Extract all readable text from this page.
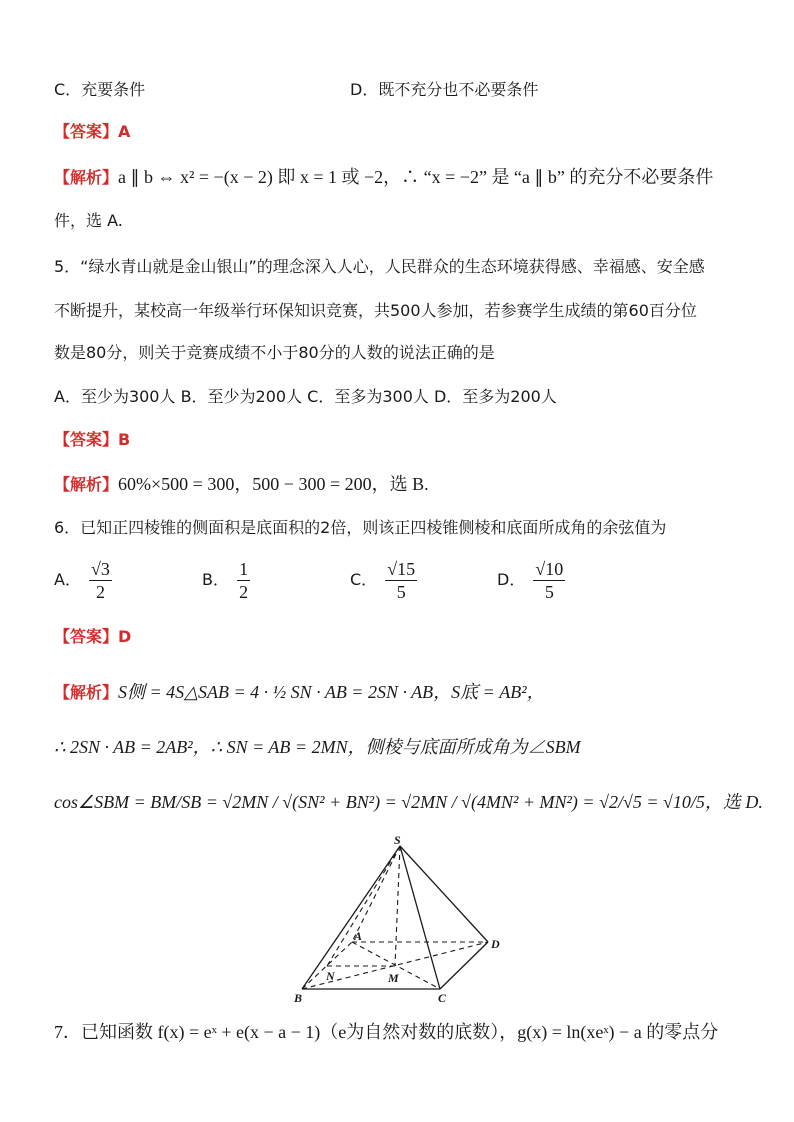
C．充要条件	D．既不充分也不必要条件
【答案】A
【解析】a ∥ b ⇔ x² = −(x − 2) 即 x = 1 或 −2，∴ “x = −2” 是 “a ∥ b” 的充分不必要条件
件，选 A.
5．“绿水青山就是金山银山”的理念深入人心，人民群众的生态环境获得感、幸福感、安全感
不断提升，某校高一年级举行环保知识竞赛，共500人参加，若参赛学生成绩的第60百分位
数是80分，则关于竞赛成绩不小于80分的人数的说法正确的是
A．至少为300人 B．至少为200人 C．至多为300人 D．至多为200人
【答案】B
【解析】60%×500 = 300，500 − 300 = 200，选 B.
6．已知正四棱锥的侧面积是底面积的2倍，则该正四棱锥侧棱和底面所成角的余弦值为
A． $\frac{√3}{2}$	B． $\frac{1}{2}$	C． $\frac{√15}{5}$	D． $\frac{√10}{5}$
【答案】D
【解析】S侧 = 4S△SAB = 4 · ½ SN · AB = 2SN · AB，S底 = AB²，
∴ 2SN · AB = 2AB²，∴ SN = AB = 2MN，侧棱与底面所成角为∠SBM
cos∠SBM = BM/SB = √2MN / √(SN² + BN²) = √2MN / √(4MN² + MN²) = √2/√5 = √10/5，选 D.
S
A
B	C
D
N	M
7．已知函数 f(x) = eˣ + e(x − a − 1)（e为自然对数的底数），g(x) = ln(xeˣ) − a 的零点分
